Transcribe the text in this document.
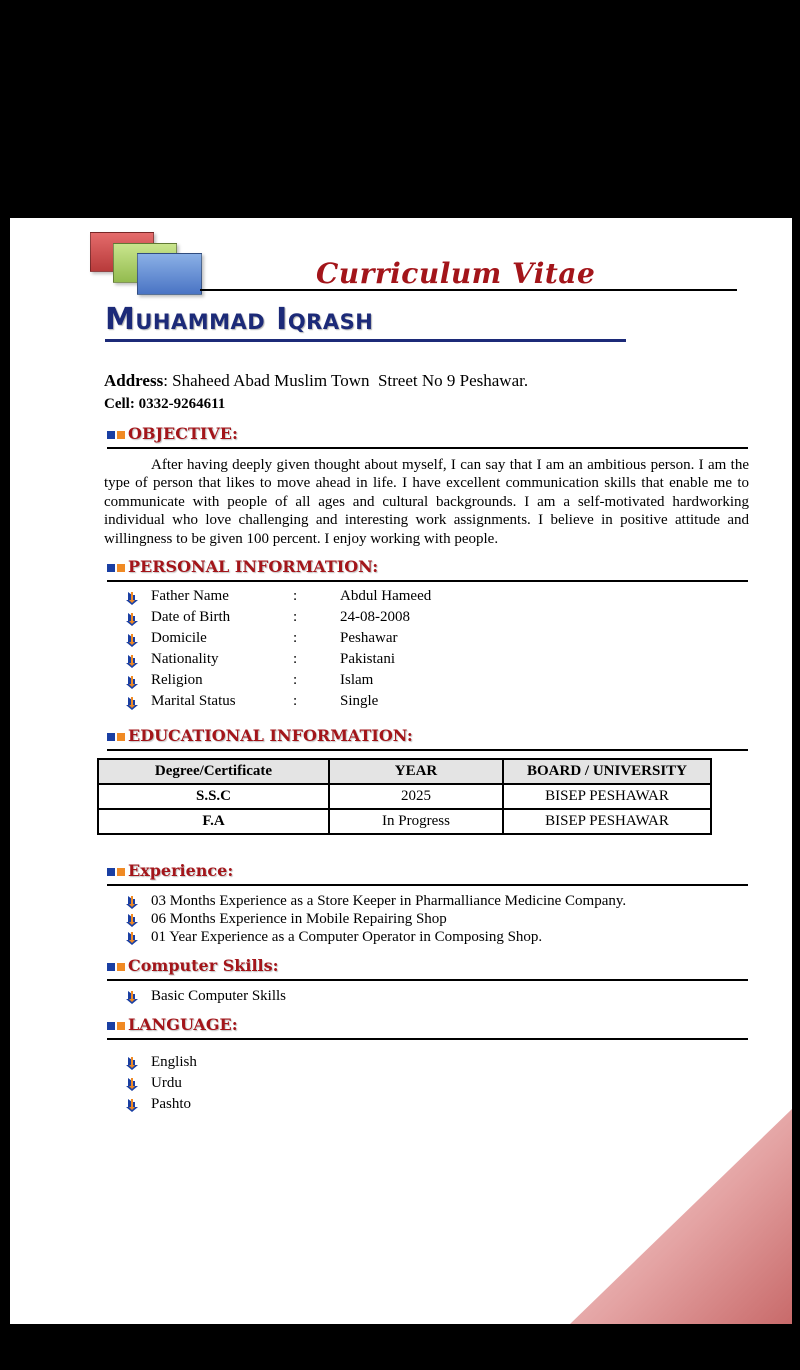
Curriculum Vitae
Muhammad Iqrash
Address: Shaheed Abad Muslim Town  Street No 9 Peshawar.
Cell: 0332-9264611
OBJECTIVE:
After having deeply given thought about myself, I can say that I am an ambitious person. I am the type of person that likes to move ahead in life. I have excellent communication skills that enable me to communicate with people of all ages and cultural backgrounds. I am a self-motivated hardworking individual who love challenging and interesting work assignments. I believe in positive attitude and willingness to be given 100 percent. I enjoy working with people.
PERSONAL INFORMATION:
Father Name	:	Abdul Hameed
Date of Birth	:	24-08-2008
Domicile	:	Peshawar
Nationality	:	Pakistani
Religion	:	Islam
Marital Status	:	Single
EDUCATIONAL INFORMATION:
Degree/Certificate	YEAR	BOARD / UNIVERSITY
S.S.C	2025	BISEP PESHAWAR
F.A	In Progress	BISEP PESHAWAR
Experience:
03 Months Experience as a Store Keeper in Pharmalliance Medicine Company.
06 Months Experience in Mobile Repairing Shop
01 Year Experience as a Computer Operator in Composing Shop.
Computer Skills:
Basic Computer Skills
LANGUAGE:
English
Urdu
Pashto
